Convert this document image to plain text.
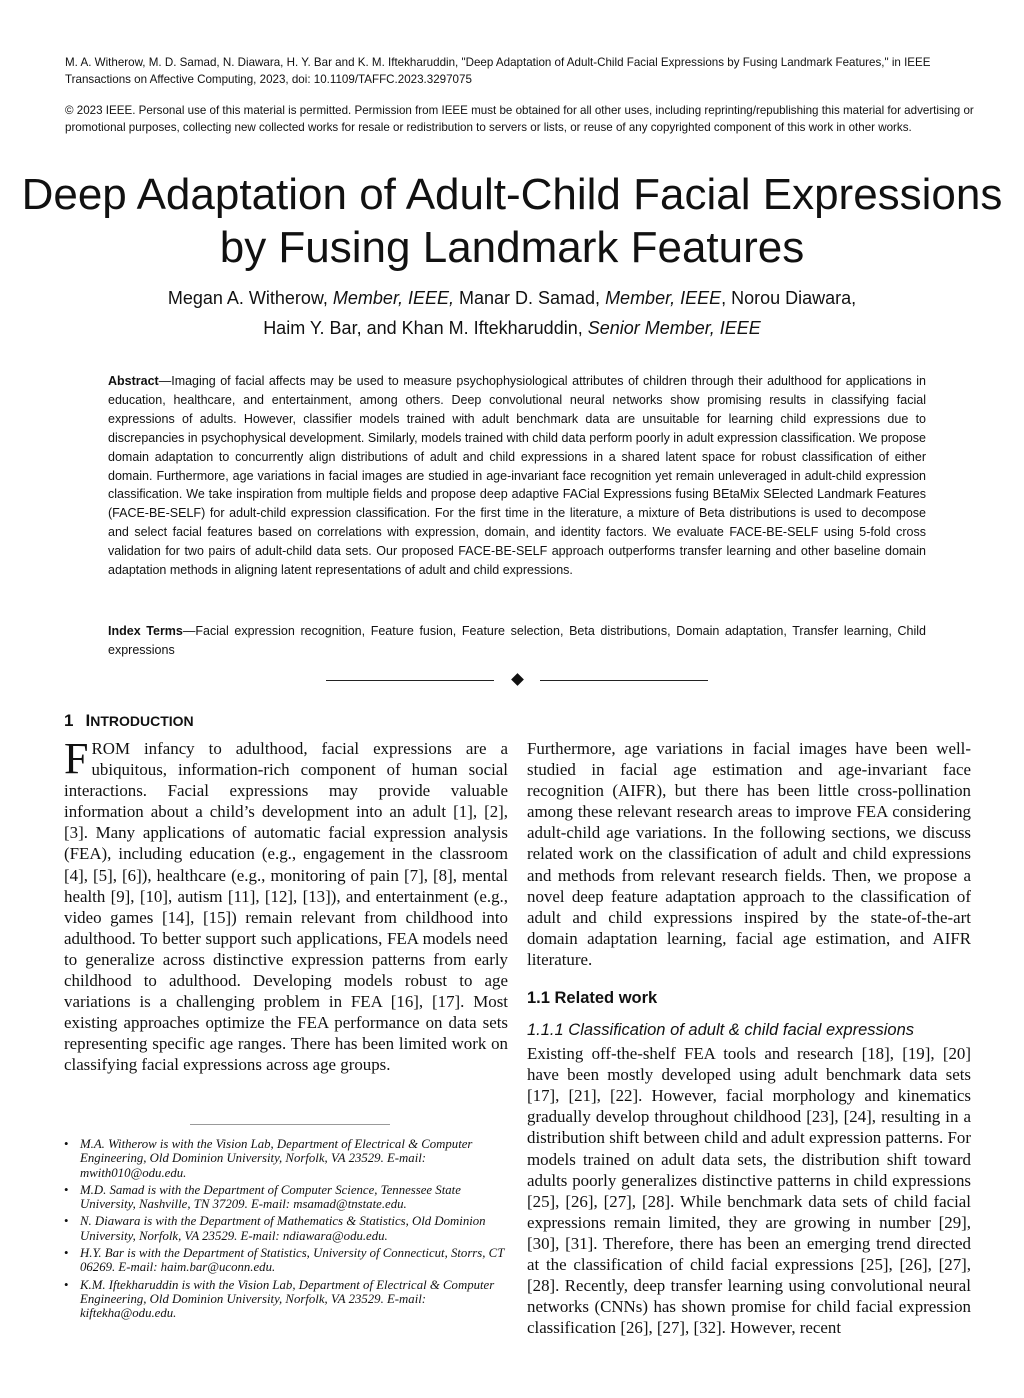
M. A. Witherow, M. D. Samad, N. Diawara, H. Y. Bar and K. M. Iftekharuddin, "Deep Adaptation of Adult-Child Facial Expressions by Fusing Landmark Features," in IEEE Transactions on Affective Computing, 2023, doi: 10.1109/TAFFC.2023.3297075
© 2023 IEEE. Personal use of this material is permitted. Permission from IEEE must be obtained for all other uses, including reprinting/republishing this material for advertising or promotional purposes, collecting new collected works for resale or redistribution to servers or lists, or reuse of any copyrighted component of this work in other works.
Deep Adaptation of Adult-Child Facial Expressions by Fusing Landmark Features
Megan A. Witherow, Member, IEEE, Manar D. Samad, Member, IEEE, Norou Diawara,
Haim Y. Bar, and Khan M. Iftekharuddin, Senior Member, IEEE
Abstract—Imaging of facial affects may be used to measure psychophysiological attributes of children through their adulthood for applications in education, healthcare, and entertainment, among others. Deep convolutional neural networks show promising results in classifying facial expressions of adults. However, classifier models trained with adult benchmark data are unsuitable for learning child expressions due to discrepancies in psychophysical development. Similarly, models trained with child data perform poorly in adult expression classification. We propose domain adaptation to concurrently align distributions of adult and child expressions in a shared latent space for robust classification of either domain. Furthermore, age variations in facial images are studied in age-invariant face recognition yet remain unleveraged in adult-child expression classification. We take inspiration from multiple fields and propose deep adaptive FACial Expressions fusing BEtaMix SElected Landmark Features (FACE-BE-SELF) for adult-child expression classification. For the first time in the literature, a mixture of Beta distributions is used to decompose and select facial features based on correlations with expression, domain, and identity factors. We evaluate FACE-BE-SELF using 5-fold cross validation for two pairs of adult-child data sets. Our proposed FACE-BE-SELF approach outperforms transfer learning and other baseline domain adaptation methods in aligning latent representations of adult and child expressions.
Index Terms—Facial expression recognition, Feature fusion, Feature selection, Beta distributions, Domain adaptation, Transfer learning, Child expressions
1 INTRODUCTION

FROM infancy to adulthood, facial expressions are a ubiquitous, information-rich component of human social interactions. Facial expressions may provide valuable information about a child’s development into an adult [1], [2], [3]. Many applications of automatic facial expression analysis (FEA), including education (e.g., engagement in the classroom [4], [5], [6]), healthcare (e.g., monitoring of pain [7], [8], mental health [9], [10], autism [11], [12], [13]), and entertainment (e.g., video games [14], [15]) remain relevant from childhood into adulthood. To better support such applications, FEA models need to generalize across distinctive expression patterns from early childhood to adulthood. Developing models robust to age variations is a challenging problem in FEA [16], [17]. Most existing approaches optimize the FEA performance on data sets representing specific age ranges. There has been limited work on classifying facial expressions across age groups.

Furthermore, age variations in facial images have been well-studied in facial age estimation and age-invariant face recognition (AIFR), but there has been little cross-pollination among these relevant research areas to improve FEA considering adult-child age variations. In the following sections, we discuss related work on the classification of adult and child expressions and methods from relevant research fields. Then, we propose a novel deep feature adaptation approach to the classification of adult and child expressions inspired by the state-of-the-art domain adaptation learning, facial age estimation, and AIFR literature.

1.1 Related work
1.1.1 Classification of adult & child facial expressions

Existing off-the-shelf FEA tools and research [18], [19], [20] have been mostly developed using adult benchmark data sets [17], [21], [22]. However, facial morphology and kinematics gradually develop throughout childhood [23], [24], resulting in a distribution shift between child and adult expression patterns. For models trained on adult data sets, the distribution shift toward adults poorly generalizes distinctive patterns in child expressions [25], [26], [27], [28]. While benchmark data sets of child facial expressions remain limited, they are growing in number [29], [30], [31]. Therefore, there has been an emerging trend directed at the classification of child facial expressions [25], [26], [27], [28]. Recently, deep transfer learning using convolutional neural networks (CNNs) has shown promise for child facial expression classification [26], [27], [32]. However, recent

• M.A. Witherow is with the Vision Lab, Department of Electrical & Computer Engineering, Old Dominion University, Norfolk, VA 23529. E-mail: mwith010@odu.edu.
• M.D. Samad is with the Department of Computer Science, Tennessee State University, Nashville, TN 37209. E-mail: msamad@tnstate.edu.
• N. Diawara is with the Department of Mathematics & Statistics, Old Dominion University, Norfolk, VA 23529. E-mail: ndiawara@odu.edu.
• H.Y. Bar is with the Department of Statistics, University of Connecticut, Storrs, CT 06269. E-mail: haim.bar@uconn.edu.
• K.M. Iftekharuddin is with the Vision Lab, Department of Electrical & Computer Engineering, Old Dominion University, Norfolk, VA 23529. E-mail: kiftekha@odu.edu.
